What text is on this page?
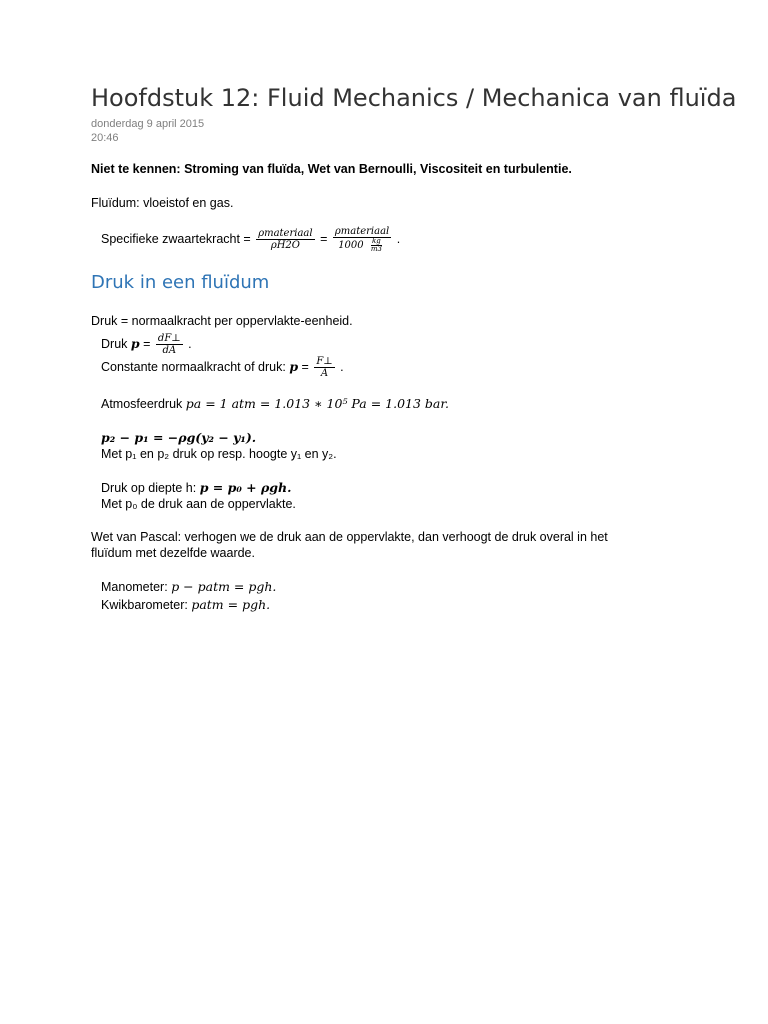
Hoofdstuk 12: Fluid Mechanics / Mechanica van fluïda
donderdag 9 april 2015
20:46
Niet te kennen: Stroming van fluïda, Wet van Bernoulli, Viscositeit en turbulentie.
Fluïdum: vloeistof en gas.
Specifieke zwaartekracht = $\frac{\text{ρmateriaal}}{\rho H2O} = \frac{\text{ρmateriaal}}{1000 \frac{kg}{m3}}$ .
Druk in een fluïdum
Druk = normaalkracht per oppervlakte-eenheid.
Druk $p = \frac{dF\perp}{dA}$ .
Constante normaalkracht of druk: $p = \frac{F\perp}{A}$ .
Atmosfeerdruk pa = 1 atm = 1.013 ∗ 10⁵ Pa = 1.013 bar.
p₂ − p₁ = −ρg(y₂ − y₁).
Met p₁ en p₂ druk op resp. hoogte y₁ en y₂.
Druk op diepte h: p = p₀ + ρgh.
Met p₀ de druk aan de oppervlakte.
Wet van Pascal: verhogen we de druk aan de oppervlakte, dan verhoogt de druk overal in het
fluïdum met dezelfde waarde.
Manometer: p − patm = pgh.
Kwikbarometer: patm = pgh.
